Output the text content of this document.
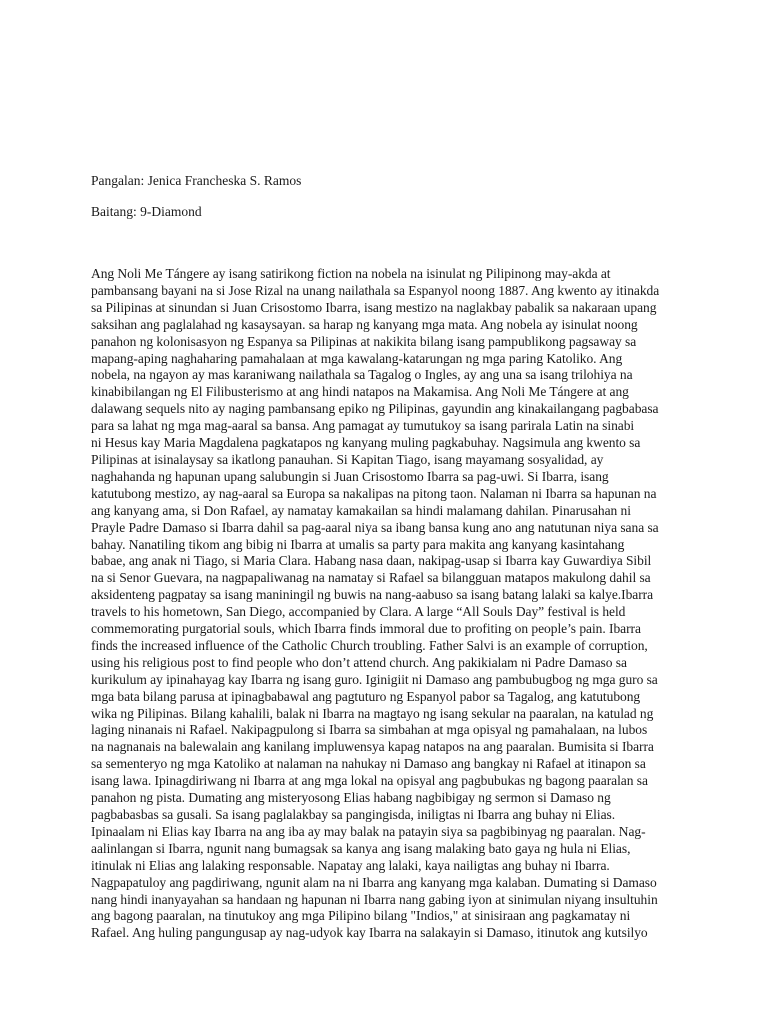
Pangalan: Jenica Francheska S. Ramos

Baitang: 9-Diamond

Ang Noli Me Tángere ay isang satirikong fiction na nobela na isinulat ng Pilipinong may-akda at
pambansang bayani na si Jose Rizal na unang nailathala sa Espanyol noong 1887. Ang kwento ay itinakda
sa Pilipinas at sinundan si Juan Crisostomo Ibarra, isang mestizo na naglakbay pabalik sa nakaraan upang
saksihan ang paglalahad ng kasaysayan. sa harap ng kanyang mga mata. Ang nobela ay isinulat noong
panahon ng kolonisasyon ng Espanya sa Pilipinas at nakikita bilang isang pampublikong pagsaway sa
mapang-aping naghaharing pamahalaan at mga kawalang-katarungan ng mga paring Katoliko. Ang
nobela, na ngayon ay mas karaniwang nailathala sa Tagalog o Ingles, ay ang una sa isang trilohiya na
kinabibilangan ng El Filibusterismo at ang hindi natapos na Makamisa. Ang Noli Me Tángere at ang
dalawang sequels nito ay naging pambansang epiko ng Pilipinas, gayundin ang kinakailangang pagbabasa
para sa lahat ng mga mag-aaral sa bansa. Ang pamagat ay tumutukoy sa isang parirala Latin na sinabi
ni Hesus kay Maria Magdalena pagkatapos ng kanyang muling pagkabuhay. Nagsimula ang kwento sa
Pilipinas at isinalaysay sa ikatlong panauhan. Si Kapitan Tiago, isang mayamang sosyalidad, ay
naghahanda ng hapunan upang salubungin si Juan Crisostomo Ibarra sa pag-uwi. Si Ibarra, isang
katutubong mestizo, ay nag-aaral sa Europa sa nakalipas na pitong taon. Nalaman ni Ibarra sa hapunan na
ang kanyang ama, si Don Rafael, ay namatay kamakailan sa hindi malamang dahilan. Pinarusahan ni
Prayle Padre Damaso si Ibarra dahil sa pag-aaral niya sa ibang bansa kung ano ang natutunan niya sana sa
bahay. Nanatiling tikom ang bibig ni Ibarra at umalis sa party para makita ang kanyang kasintahang
babae, ang anak ni Tiago, si Maria Clara. Habang nasa daan, nakipag-usap si Ibarra kay Guwardiya Sibil
na si Senor Guevara, na nagpapaliwanag na namatay si Rafael sa bilangguan matapos makulong dahil sa
aksidenteng pagpatay sa isang maniningil ng buwis na nang-aabuso sa isang batang lalaki sa kalye.Ibarra
travels to his hometown, San Diego, accompanied by Clara. A large “All Souls Day” festival is held
commemorating purgatorial souls, which Ibarra finds immoral due to profiting on people’s pain. Ibarra
finds the increased influence of the Catholic Church troubling. Father Salvi is an example of corruption,
using his religious post to find people who don’t attend church. Ang pakikialam ni Padre Damaso sa
kurikulum ay ipinahayag kay Ibarra ng isang guro. Iginigiit ni Damaso ang pambubugbog ng mga guro sa
mga bata bilang parusa at ipinagbabawal ang pagtuturo ng Espanyol pabor sa Tagalog, ang katutubong
wika ng Pilipinas. Bilang kahalili, balak ni Ibarra na magtayo ng isang sekular na paaralan, na katulad ng
laging ninanais ni Rafael. Nakipagpulong si Ibarra sa simbahan at mga opisyal ng pamahalaan, na lubos
na nagnanais na balewalain ang kanilang impluwensya kapag natapos na ang paaralan. Bumisita si Ibarra
sa sementeryo ng mga Katoliko at nalaman na nahukay ni Damaso ang bangkay ni Rafael at itinapon sa
isang lawa. Ipinagdiriwang ni Ibarra at ang mga lokal na opisyal ang pagbubukas ng bagong paaralan sa
panahon ng pista. Dumating ang misteryosong Elias habang nagbibigay ng sermon si Damaso ng
pagbabasbas sa gusali. Sa isang paglalakbay sa pangingisda, iniligtas ni Ibarra ang buhay ni Elias.
Ipinaalam ni Elias kay Ibarra na ang iba ay may balak na patayin siya sa pagbibinyag ng paaralan. Nag-
aalinlangan si Ibarra, ngunit nang bumagsak sa kanya ang isang malaking bato gaya ng hula ni Elias,
itinulak ni Elias ang lalaking responsable. Napatay ang lalaki, kaya nailigtas ang buhay ni Ibarra.
Nagpapatuloy ang pagdiriwang, ngunit alam na ni Ibarra ang kanyang mga kalaban. Dumating si Damaso
nang hindi inanyayahan sa handaan ng hapunan ni Ibarra nang gabing iyon at sinimulan niyang insultuhin
ang bagong paaralan, na tinutukoy ang mga Pilipino bilang "Indios," at sinisiraan ang pagkamatay ni
Rafael. Ang huling pangungusap ay nag-udyok kay Ibarra na salakayin si Damaso, itinutok ang kutsilyo
